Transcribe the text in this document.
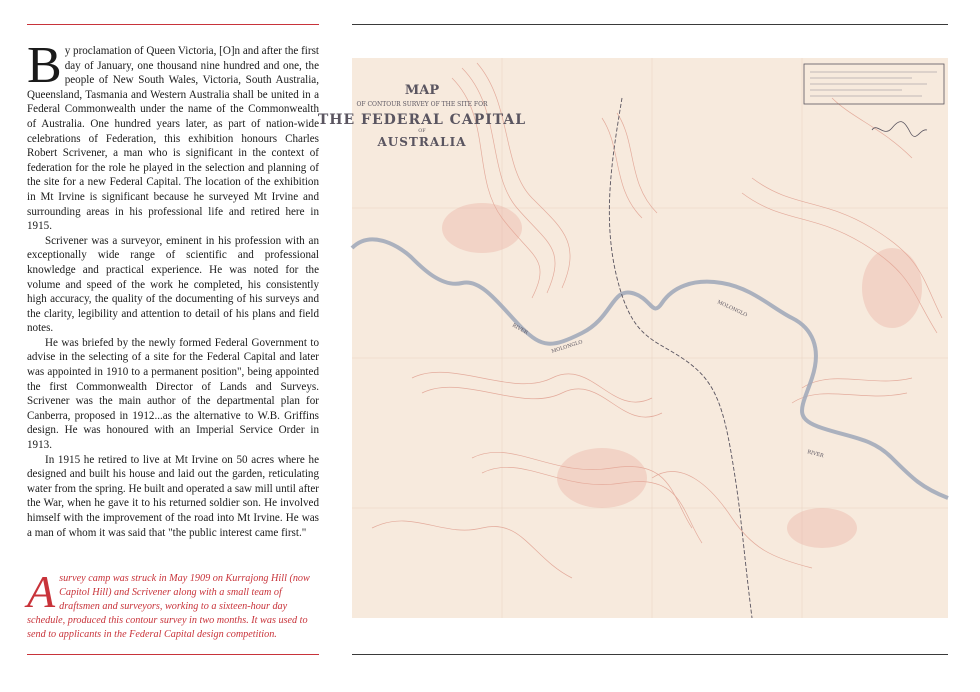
By proclamation of Queen Victoria, [O]n and after the first day of January, one thousand nine hundred and one, the people of New South Wales, Victoria, South Australia, Queensland, Tasmania and Western Australia shall be united in a Federal Commonwealth under the name of the Commonwealth of Australia. One hundred years later, as part of nation-wide celebrations of Federation, this exhibition honours Charles Robert Scrivener, a man who is significant in the context of federation for the role he played in the selection and planning of the site for a new Federal Capital. The location of the exhibition in Mt Irvine is significant because he surveyed Mt Irvine and surrounding areas in his professional life and retired here in 1915.

Scrivener was a surveyor, eminent in his profession with an exceptionally wide range of scientific and professional knowledge and practical experience. He was noted for the volume and speed of the work he completed, his consistently high accuracy, the quality of the documenting of his surveys and the clarity, legibility and attention to detail of his plans and field notes.

He was briefed by the newly formed Federal Government to advise in the selecting of a site for the Federal Capital and later was appointed in 1910 to a permanent position", being appointed the first Commonwealth Director of Lands and Surveys. Scrivener was the main author of the departmental plan for Canberra, proposed in 1912...as the alternative to W.B. Griffins design. He was honoured with an Imperial Service Order in 1913.

In 1915 he retired to live at Mt Irvine on 50 acres where he designed and built his house and laid out the garden, reticulating water from the spring. He built and operated a saw mill until after the War, when he gave it to his returned soldier son. He involved himself with the improvement of the road into Mt Irvine. He was a man of whom it was said that "the public interest came first."

Asurvey camp was struck in May 1909 on Kurrajong Hill (now Capitol Hill) and Scrivener along with a small team of draftsmen and surveyors, working to a sixteen-hour day schedule, produced this contour survey in two months. It was used to send to applicants in the Federal Capital design competition.
MAP
OF CONTOUR SURVEY OF THE SITE FOR
THE FEDERAL CAPITAL
OF
AUSTRALIA
MOLONGLO
RIVER
MOLONGLO
RIVER
